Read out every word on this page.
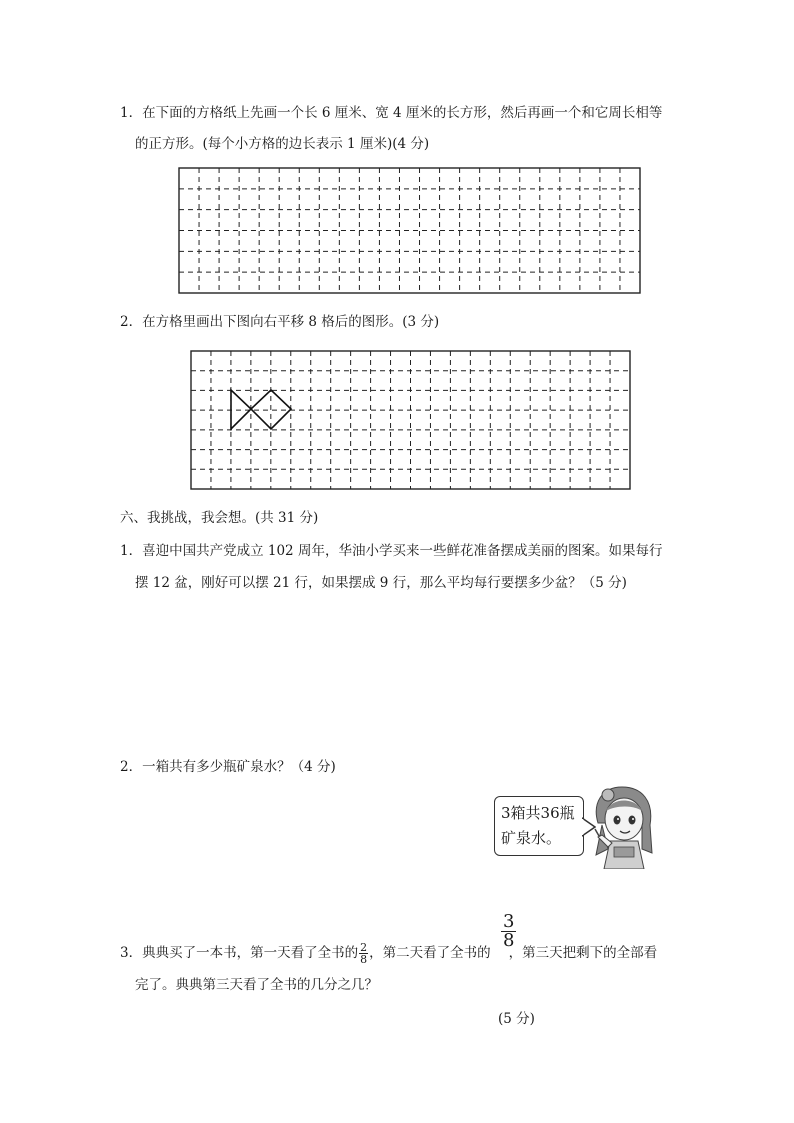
1．在下面的方格纸上先画一个长 6 厘米、宽 4 厘米的长方形，然后再画一个和它周长相等
的正方形。(每个小方格的边长表示 1 厘米)(4 分)
2．在方格里画出下图向右平移 8 格后的图形。(3 分)
六、我挑战，我会想。(共 31 分)
1．喜迎中国共产党成立 102 周年，华油小学买来一些鲜花准备摆成美丽的图案。如果每行
摆 12 盆，刚好可以摆 21 行，如果摆成 9 行，那么平均每行要摆多少盆？（5 分)
2．一箱共有多少瓶矿泉水？（4 分)
3箱共36瓶
矿泉水。
3．典典买了一本书，第一天看了全书的 $\frac{2}{8}$ ，第二天看了全书的 ，第三天把剩下的全部看
$\frac{3}{8}$
完了。典典第三天看了全书的几分之几？
(5 分)
